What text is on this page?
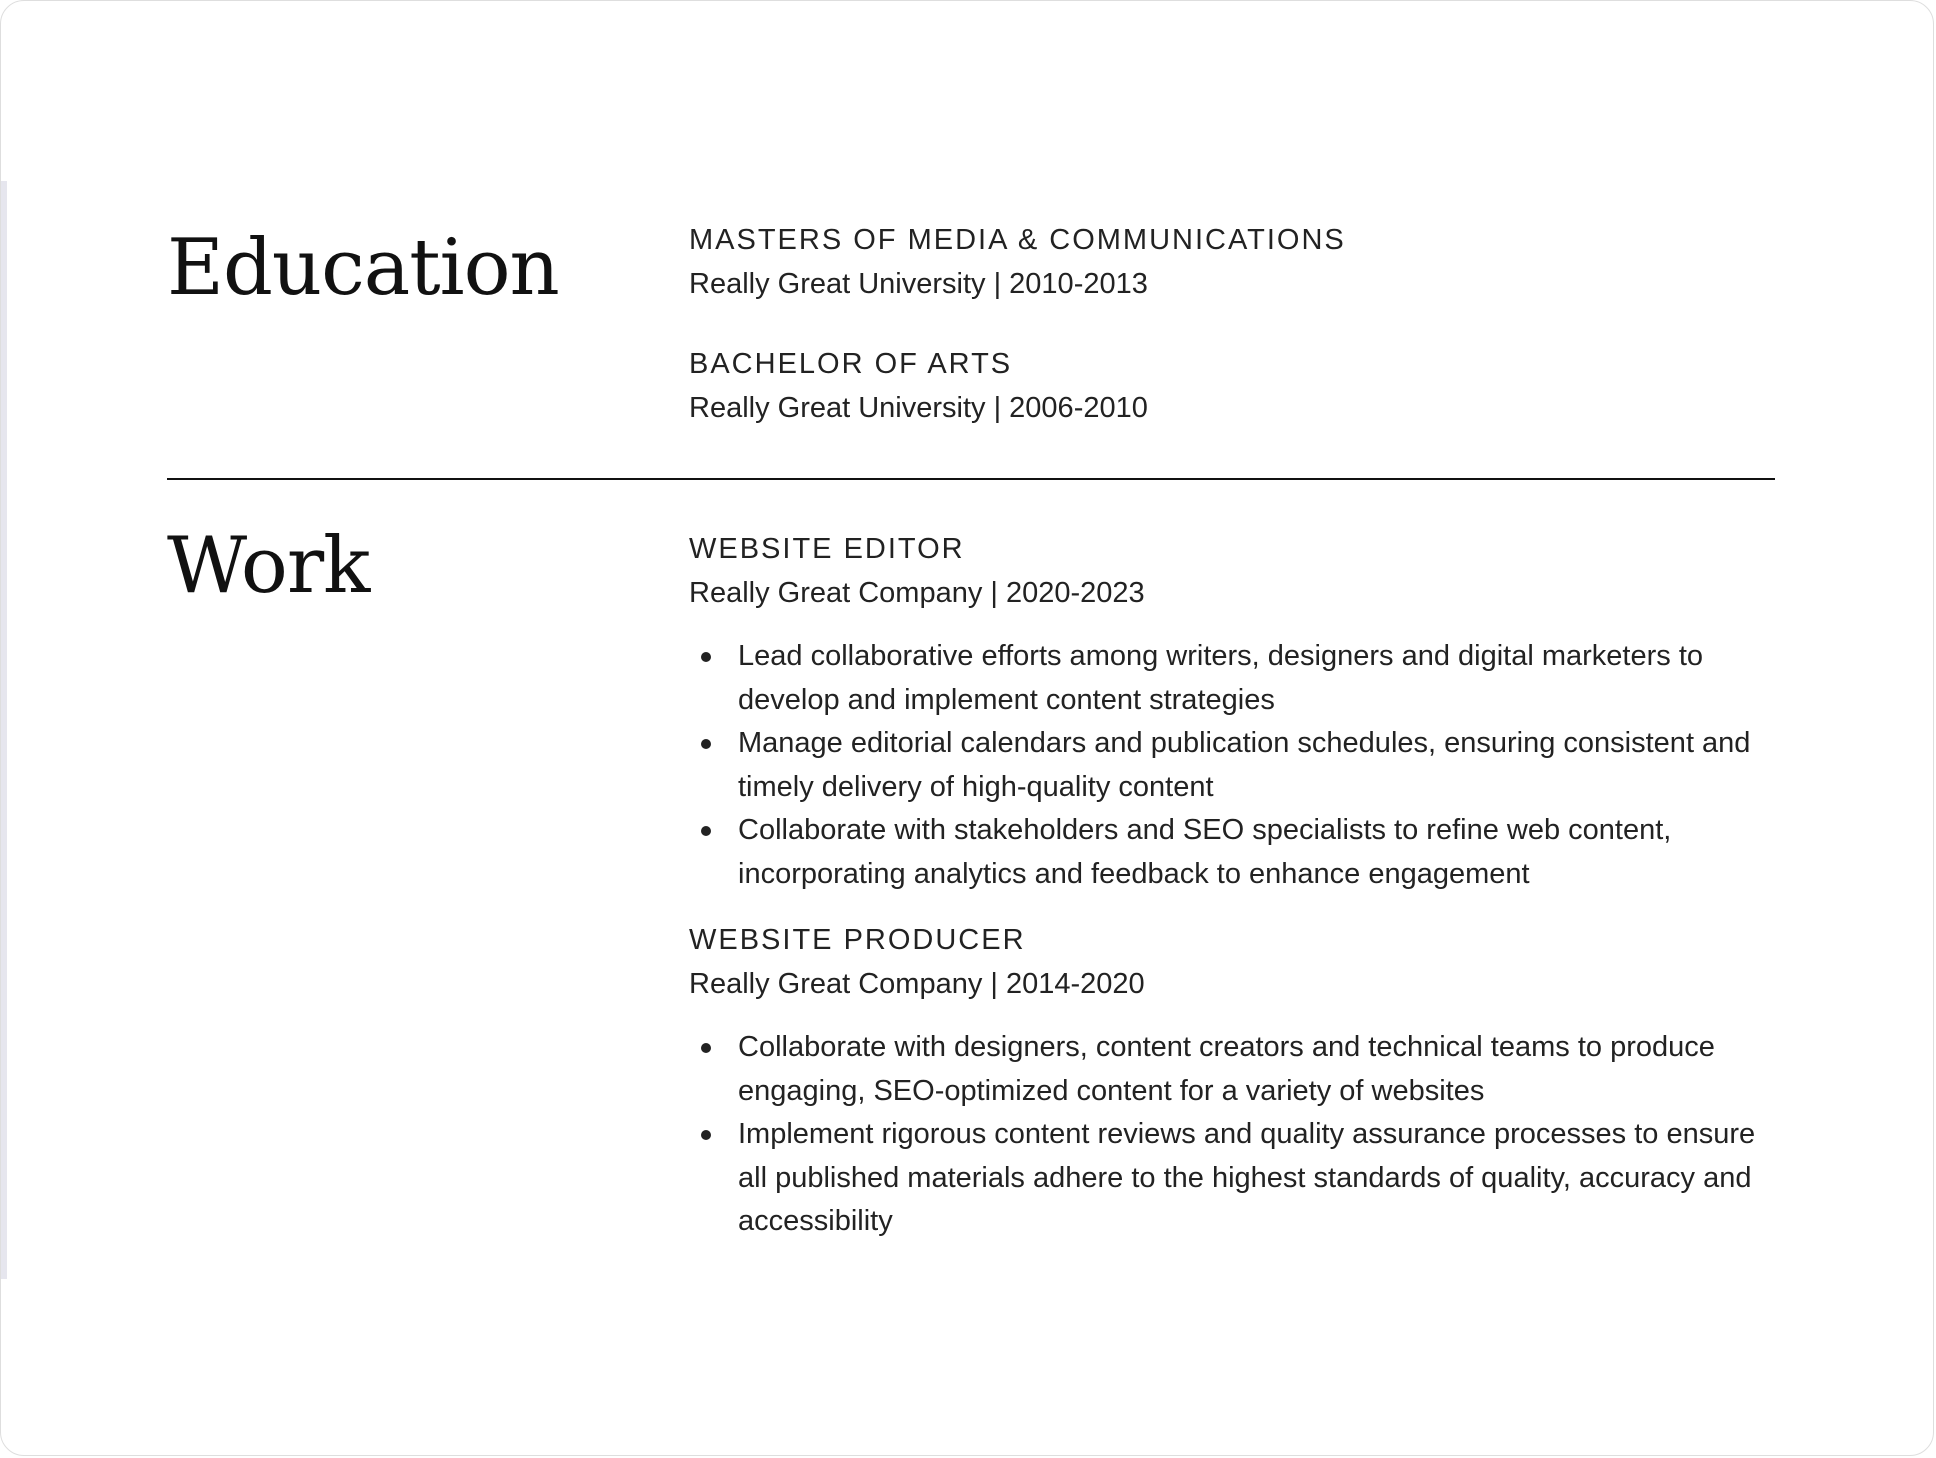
Education	MASTERS OF MEDIA & COMMUNICATIONS

Really Great University | 2010-2013

BACHELOR OF ARTS

Really Great University | 2006-2010

Work	WEBSITE EDITOR

Really Great Company | 2020-2023

Lead collaborative efforts among writers, designers and digital marketers to develop and implement content strategies
Manage editorial calendars and publication schedules, ensuring consistent and timely delivery of high-quality content
Collaborate with stakeholders and SEO specialists to refine web content, incorporating analytics and feedback to enhance engagement

WEBSITE PRODUCER

Really Great Company | 2014-2020

Collaborate with designers, content creators and technical teams to produce engaging, SEO-optimized content for a variety of websites
Implement rigorous content reviews and quality assurance processes to ensure all published materials adhere to the highest standards of quality, accuracy and accessibility
